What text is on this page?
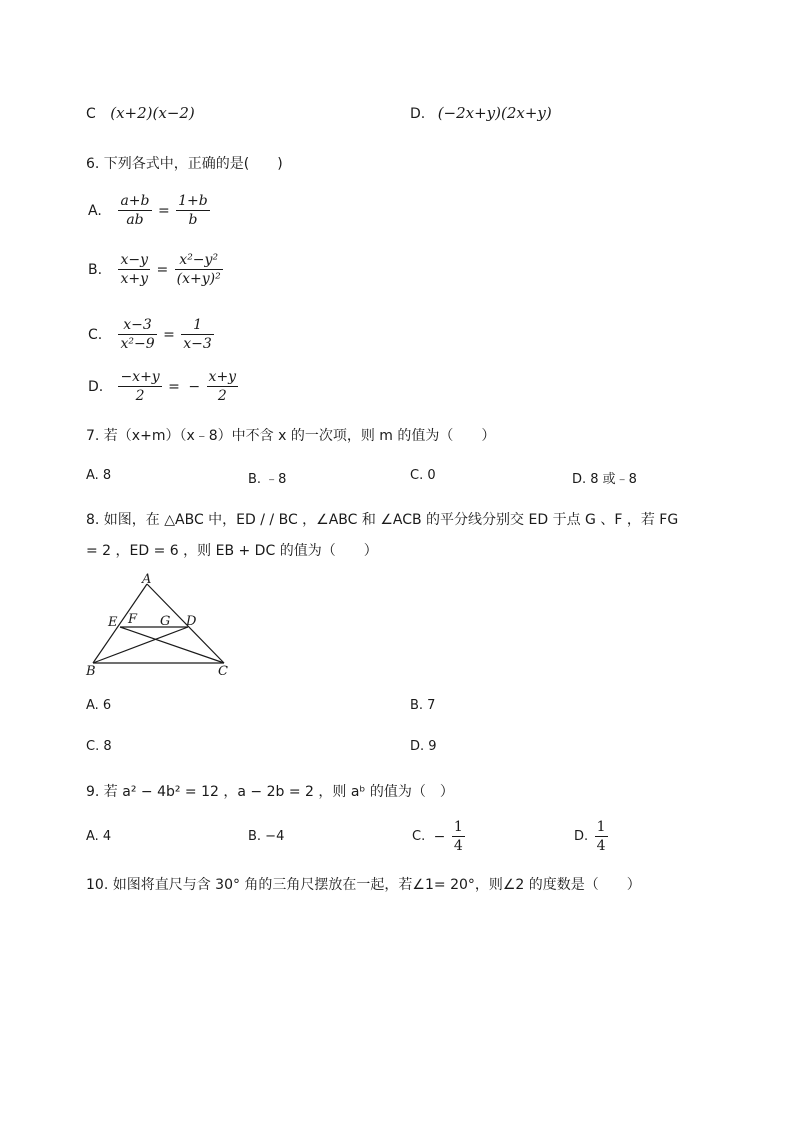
C (x+2)(x−2)	D. (−2x+y)(2x+y)
6. 下列各式中，正确的是(　　)
A. $\frac{a+b}{ab} = \frac{1+b}{b}$
B. $\frac{x-y}{x+y} = \frac{\text{x²−y²}}{\text{(x+y)²}}$
C. $\frac{x-3}{\text{x²−9}} = \frac{1}{x-3}$
D. $\frac{-x+y}{2}$ = − $\frac{x+y}{2}$
7. 若（x+m）（x﹣8）中不含 x 的一次项，则 m 的值为（　　）
A. 8	B. ﹣8	C. 0	D. 8 或﹣8
8. 如图，在 △ABC 中，ED / / BC ，∠ABC 和 ∠ACB 的平分线分别交 ED 于点 G 、F ，若 FG
= 2 ，ED = 6 ，则 EB + DC 的值为（　　）
A
E F G D
B	C
A. 6	B. 7
C. 8	D. 9
9. 若 a² − 4b² = 12 ，a − 2b = 2 ，则 aᵇ 的值为（　）
A. 4	B. −4	C. − $\frac{1}{4}$	D. $\frac{1}{4}$
10. 如图将直尺与含 30° 角的三角尺摆放在一起，若∠1= 20°，则∠2 的度数是（　　）
